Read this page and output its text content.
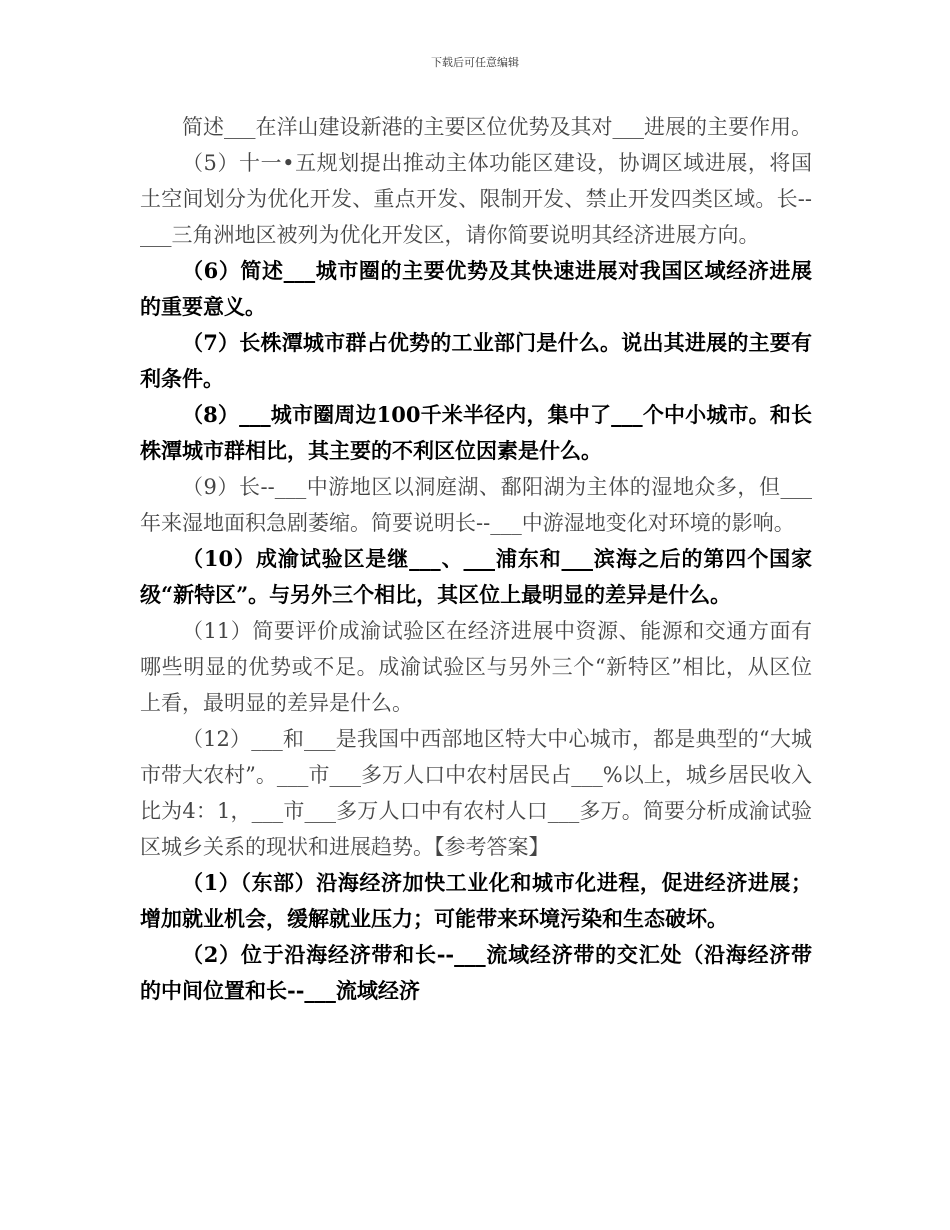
下载后可任意编辑

简述___在洋山建设新港的主要区位优势及其对___进展的主要作用。

（5）十一•五规划提出推动主体功能区建设，协调区域进展，将国土空间划分为优化开发、重点开发、限制开发、禁止开发四类区域。长--___三角洲地区被列为优化开发区，请你简要说明其经济进展方向。

（6）简述___城市圈的主要优势及其快速进展对我国区域经济进展的重要意义。

（7）长株潭城市群占优势的工业部门是什么。说出其进展的主要有利条件。

（8）___城市圈周边100千米半径内，集中了___个中小城市。和长株潭城市群相比，其主要的不利区位因素是什么。

（9）长--___中游地区以洞庭湖、鄱阳湖为主体的湿地众多，但___年来湿地面积急剧萎缩。简要说明长--___中游湿地变化对环境的影响。

（10）成渝试验区是继___、___浦东和___滨海之后的第四个国家级“新特区”。与另外三个相比，其区位上最明显的差异是什么。

（11）简要评价成渝试验区在经济进展中资源、能源和交通方面有哪些明显的优势或不足。成渝试验区与另外三个“新特区”相比，从区位上看，最明显的差异是什么。

（12）___和___是我国中西部地区特大中心城市，都是典型的“大城市带大农村”。___市___多万人口中农村居民占___%以上，城乡居民收入比为4：1，___市___多万人口中有农村人口___多万。简要分析成渝试验区城乡关系的现状和进展趋势。【参考答案】

（1）（东部）沿海经济加快工业化和城市化进程，促进经济进展；增加就业机会，缓解就业压力；可能带来环境污染和生态破坏。

（2）位于沿海经济带和长--___流域经济带的交汇处（沿海经济带的中间位置和长--___流域经济
